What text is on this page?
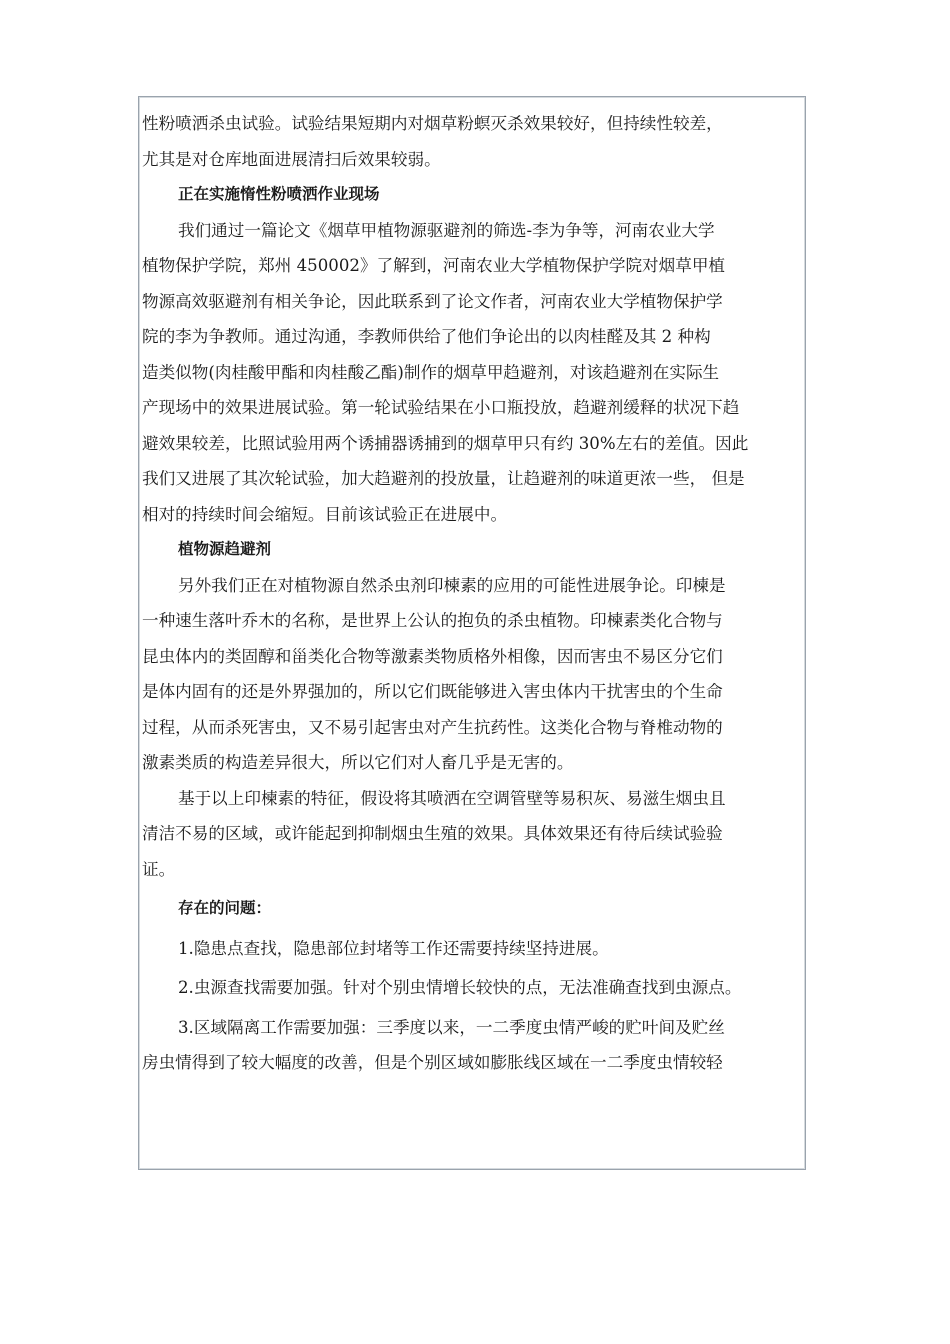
性粉喷洒杀虫试验。试验结果短期内对烟草粉螟灭杀效果较好，但持续性较差，
尤其是对仓库地面进展清扫后效果较弱。
正在实施惰性粉喷洒作业现场
我们通过一篇论文《烟草甲植物源驱避剂的筛选-李为争等，河南农业大学
植物保护学院，郑州 450002》了解到，河南农业大学植物保护学院对烟草甲植
物源高效驱避剂有相关争论，因此联系到了论文作者，河南农业大学植物保护学
院的李为争教师。通过沟通，李教师供给了他们争论出的以肉桂醛及其 2 种构
造类似物(肉桂酸甲酯和肉桂酸乙酯)制作的烟草甲趋避剂，对该趋避剂在实际生
产现场中的效果进展试验。第一轮试验结果在小口瓶投放，趋避剂缓释的状况下趋
避效果较差，比照试验用两个诱捕器诱捕到的烟草甲只有约 30%左右的差值。因此
我们又进展了其次轮试验，加大趋避剂的投放量，让趋避剂的味道更浓一些， 但是
相对的持续时间会缩短。目前该试验正在进展中。
植物源趋避剂
另外我们正在对植物源自然杀虫剂印楝素的应用的可能性进展争论。印楝是
一种速生落叶乔木的名称，是世界上公认的抱负的杀虫植物。印楝素类化合物与
昆虫体内的类固醇和甾类化合物等激素类物质格外相像，因而害虫不易区分它们
是体内固有的还是外界强加的，所以它们既能够进入害虫体内干扰害虫的个生命
过程，从而杀死害虫，又不易引起害虫对产生抗药性。这类化合物与脊椎动物的
激素类质的构造差异很大，所以它们对人畜几乎是无害的。
基于以上印楝素的特征，假设将其喷洒在空调管壁等易积灰、易滋生烟虫且
清洁不易的区域，或许能起到抑制烟虫生殖的效果。具体效果还有待后续试验验
证。
存在的问题：
1.隐患点查找，隐患部位封堵等工作还需要持续坚持进展。
2.虫源查找需要加强。针对个别虫情增长较快的点，无法准确查找到虫源点。
3.区域隔离工作需要加强：三季度以来，一二季度虫情严峻的贮叶间及贮丝
房虫情得到了较大幅度的改善，但是个别区域如膨胀线区域在一二季度虫情较轻
